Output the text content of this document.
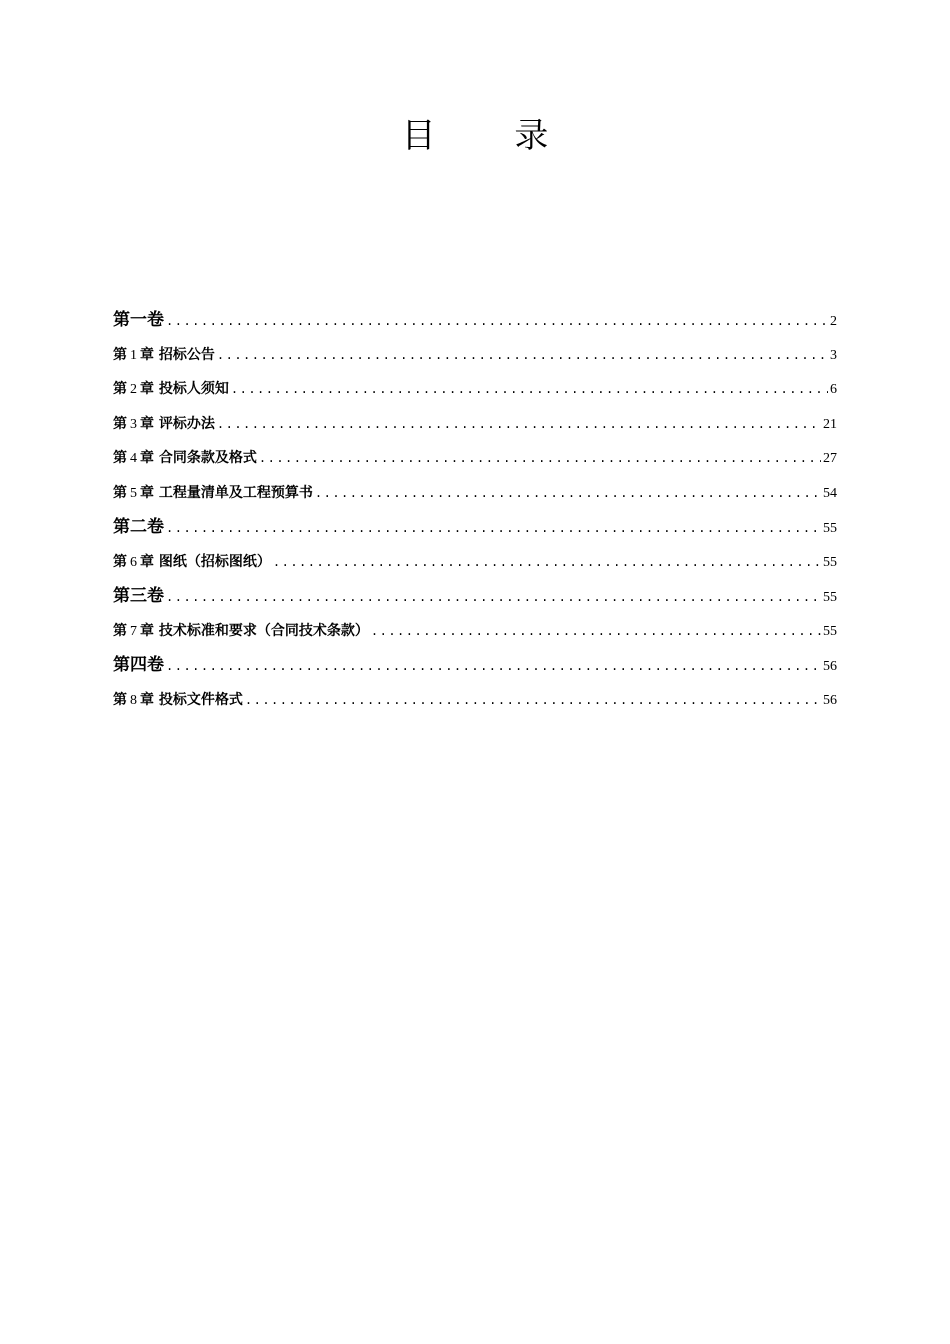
目 录
第一卷 .....	2
第 1 章 招标公告 .....	3
第 2 章 投标人须知 .....	6
第 3 章 评标办法 .....	21
第 4 章 合同条款及格式 .....	27
第 5 章 工程量清单及工程预算书 .....	54
第二卷 .....	55
第 6 章 图纸（招标图纸） .....	55
第三卷 .....	55
第 7 章 技术标准和要求（合同技术条款） .....	55
第四卷 .....	56
第 8 章 投标文件格式 .....	56
